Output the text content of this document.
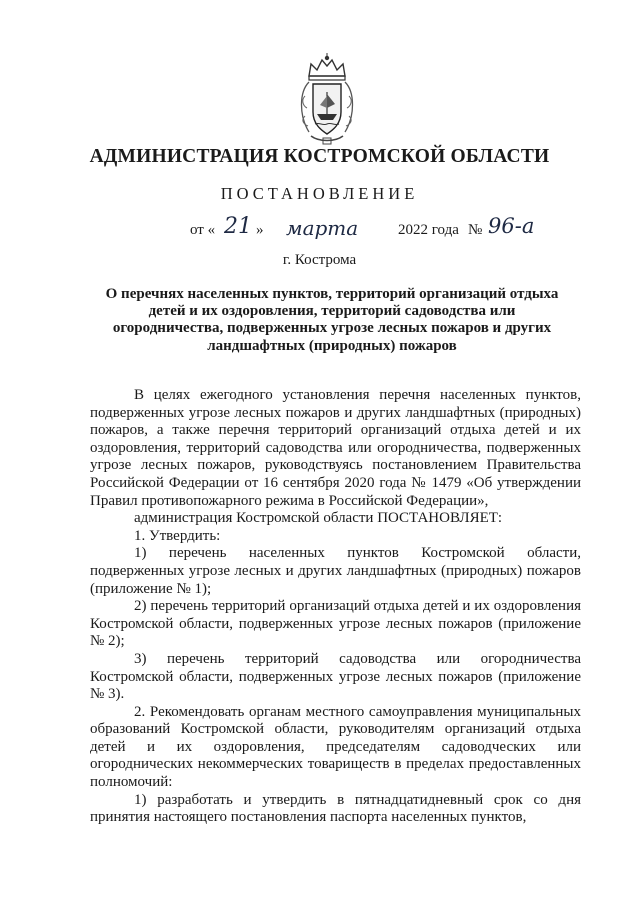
АДМИНИСТРАЦИЯ КОСТРОМСКОЙ ОБЛАСТИ
ПОСТАНОВЛЕНИЕ
от « 21 » марта	2022 года № 96-а
г. Кострома
О перечнях населенных пунктов, территорий организаций отдыха детей и их оздоровления, территорий садоводства или огородничества, подверженных угрозе лесных пожаров и других ландшафтных (природных) пожаров

В целях ежегодного установления перечня населенных пунктов, подверженных угрозе лесных пожаров и других ландшафтных (природных) пожаров, а также перечня территорий организаций отдыха детей и их оздоровления, территорий садоводства или огородничества, подверженных угрозе лесных пожаров, руководствуясь постановлением Правительства Российской Федерации от 16 сентября 2020 года № 1479 «Об утверждении Правил противопожарного режима в Российской Федерации»,

администрация Костромской области ПОСТАНОВЛЯЕТ:

1. Утвердить:

1) перечень населенных пунктов Костромской области, подверженных угрозе лесных и других ландшафтных (природных) пожаров (приложение № 1);

2) перечень территорий организаций отдыха детей и их оздоровления Костромской области, подверженных угрозе лесных пожаров (приложение № 2);

3) перечень территорий садоводства или огородничества Костромской области, подверженных угрозе лесных пожаров (приложение № 3).

2. Рекомендовать органам местного самоуправления муниципальных образований Костромской области, руководителям организаций отдыха детей и их оздоровления, председателям садоводческих или огороднических некоммерческих товариществ в пределах предоставленных полномочий:

1) разработать и утвердить в пятнадцатидневный срок со дня принятия настоящего постановления паспорта населенных пунктов,
